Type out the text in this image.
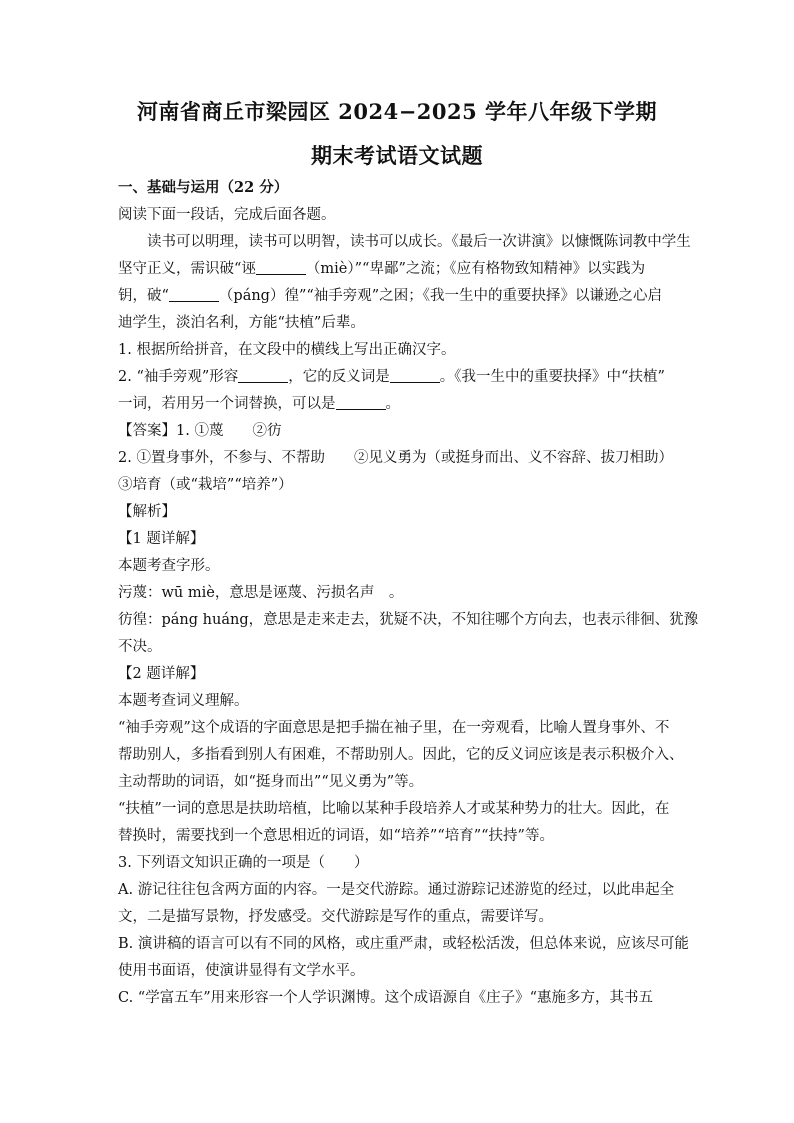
河南省商丘市梁园区 2024−2025 学年八年级下学期
期末考试语文试题
一、基础与运用（22 分）
阅读下面一段话，完成后面各题。
读书可以明理，读书可以明智，读书可以成长。《最后一次讲演》以慷慨陈词教中学生
坚守正义，需识破“诬	（miè）”“卑鄙”之流；《应有格物致知精神》以实践为
钥，破“	（páng）徨”“袖手旁观”之困；《我一生中的重要抉择》以谦逊之心启
迪学生，淡泊名利，方能“扶植”后辈。
1. 根据所给拼音，在文段中的横线上写出正确汉字。
2. “袖手旁观”形容	，它的反义词是	。《我一生中的重要抉择》中“扶植”
一词，若用另一个词替换，可以是	。
【答案】1. ①蔑　　②彷
2. ①置身事外，不参与、不帮助　　②见义勇为（或挺身而出、义不容辞、拔刀相助）
③培育（或“栽培”“培养”）
【解析】
【1 题详解】
本题考查字形。
污蔑：wū miè，意思是诬蔑、污损名声　。
彷徨：páng huáng，意思是走来走去，犹疑不决，不知往哪个方向去，也表示徘徊、犹豫
不决。
【2 题详解】
本题考查词义理解。
“袖手旁观”这个成语的字面意思是把手揣在袖子里，在一旁观看，比喻人置身事外、不
帮助别人，多指看到别人有困难，不帮助别人。因此，它的反义词应该是表示积极介入、
主动帮助的词语，如“挺身而出”“见义勇为”等。
“扶植”一词的意思是扶助培植，比喻以某种手段培养人才或某种势力的壮大。因此，在
替换时，需要找到一个意思相近的词语，如“培养”“培育”“扶持”等。
3. 下列语文知识正确的一项是（　　）
A. 游记往往包含两方面的内容。一是交代游踪。通过游踪记述游览的经过，以此串起全
文，二是描写景物，抒发感受。交代游踪是写作的重点，需要详写。
B. 演讲稿的语言可以有不同的风格，或庄重严肃，或轻松活泼，但总体来说，应该尽可能
使用书面语，使演讲显得有文学水平。
C. “学富五车”用来形容一个人学识渊博。这个成语源自《庄子》“惠施多方，其书五
